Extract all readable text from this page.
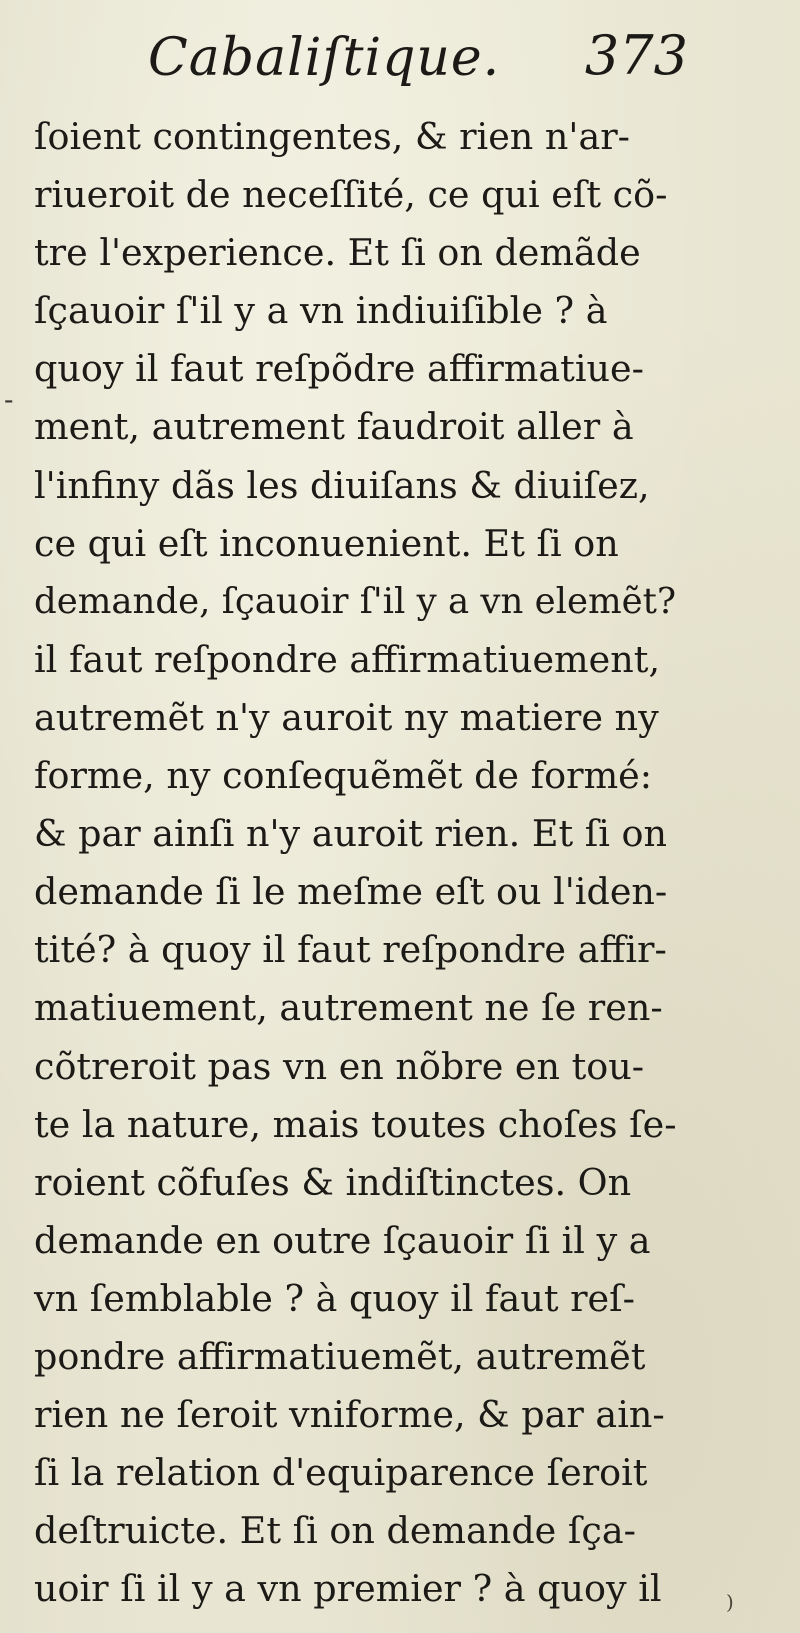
Cabaliſtique. 373
-
ſoient contingentes, & rien n'ar-
riueroit de neceſſité, ce qui eſt cõ-
tre l'experience. Et ſi on demãde
ſçauoir ſ'il y a vn indiuiſible ? à
quoy il faut reſpõdre affirmatiue-
ment, autrement faudroit aller à
l'infiny dãs les diuiſans & diuiſez,
ce qui eſt inconuenient. Et ſi on
demande, ſçauoir ſ'il y a vn elemẽt?
il faut reſpondre affirmatiuement,
autremẽt n'y auroit ny matiere ny
forme, ny conſequẽmẽt de formé:
& par ainſi n'y auroit rien. Et ſi on
demande ſi le meſme eſt ou l'iden-
tité? à quoy il faut reſpondre affir-
matiuement, autrement ne ſe ren-
cõtreroit pas vn en nõbre en tou-
te la nature, mais toutes choſes ſe-
roient cõfuſes & indiſtinctes. On
demande en outre ſçauoir ſi il y a
vn ſemblable ? à quoy il faut reſ-
pondre affirmatiuemẽt, autremẽt
rien ne ſeroit vniforme, & par ain-
ſi la relation d'equiparence ſeroit
deſtruicte. Et ſi on demande ſça-
uoir ſi il y a vn premier ? à quoy il	)
